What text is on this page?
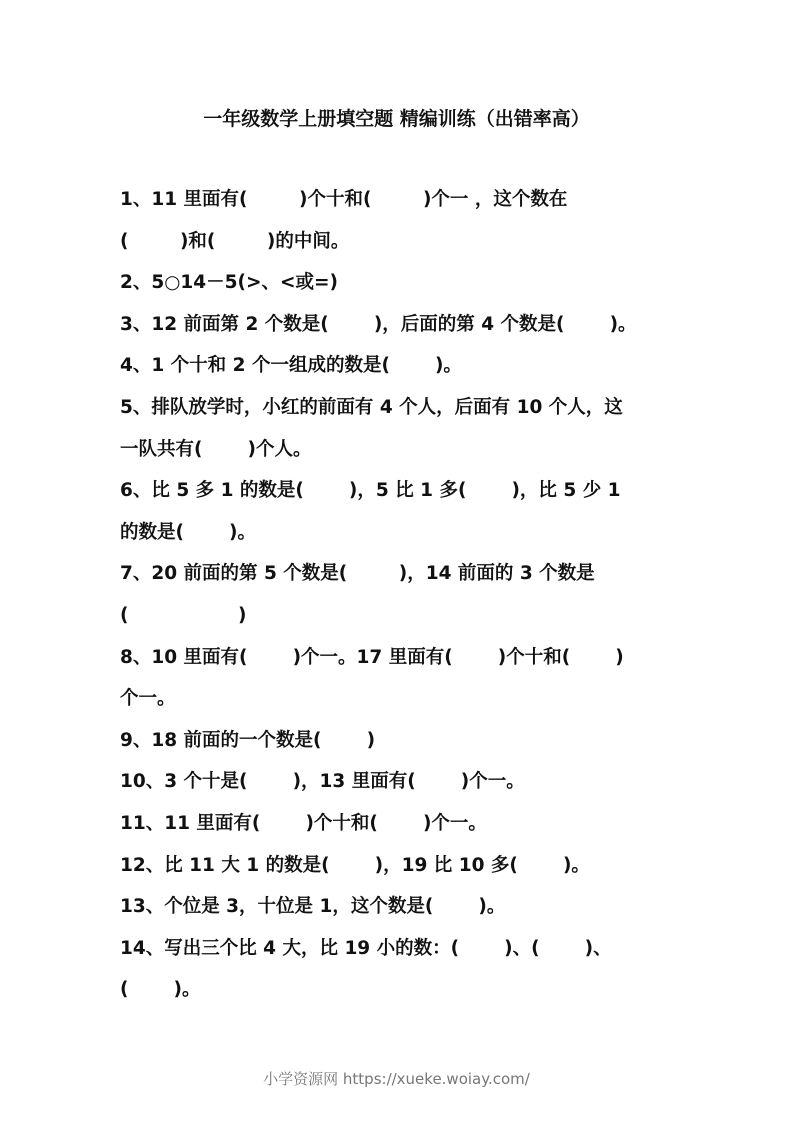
一年级数学上册填空题 精编训练（出错率高）
1、11 里面有(        )个十和(        )个一 ，这个数在
(        )和(        )的中间。
2、5○14－5(>、<或=)
3、12 前面第 2 个数是(       )，后面的第 4 个数是(       )。
4、1 个十和 2 个一组成的数是(       )。
5、排队放学时，小红的前面有 4 个人，后面有 10 个人，这
一队共有(       )个人。
6、比 5 多 1 的数是(       )，5 比 1 多(       )，比 5 少 1
的数是(       )。
7、20 前面的第 5 个数是(        )，14 前面的 3 个数是
(                 )
8、10 里面有(       )个一。17 里面有(       )个十和(       )
个一。
9、18 前面的一个数是(       )
10、3 个十是(       )，13 里面有(       )个一。
11、11 里面有(       )个十和(       )个一。
12、比 11 大 1 的数是(       )，19 比 10 多(       )。
13、个位是 3，十位是 1，这个数是(       )。
14、写出三个比 4 大，比 19 小的数：(       )、(       )、
(       )。
小学资源网 https://xueke.woiay.com/
